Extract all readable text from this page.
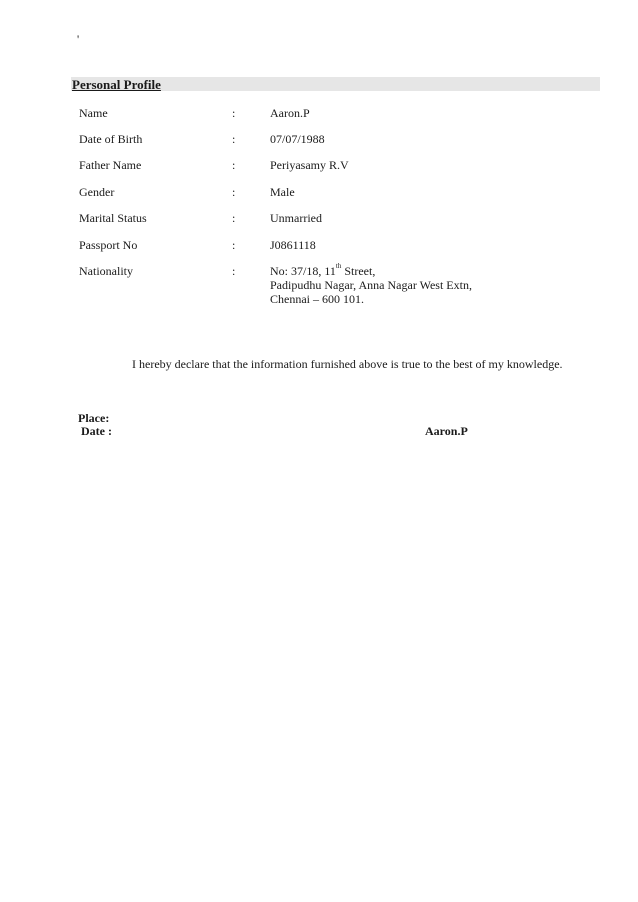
'
Personal Profile
Name	:	Aaron.P
Date of Birth	:	07/07/1988
Father Name	:	Periyasamy R.V
Gender	:	Male
Marital Status	:	Unmarried
Passport No	:	J0861118
Nationality	:	No: 37/18, 11th Street,
Padipudhu Nagar, Anna Nagar West Extn,
Chennai – 600 101.
I hereby declare that the information furnished above is true to the best of my knowledge.
Place:
Date :	Aaron.P
